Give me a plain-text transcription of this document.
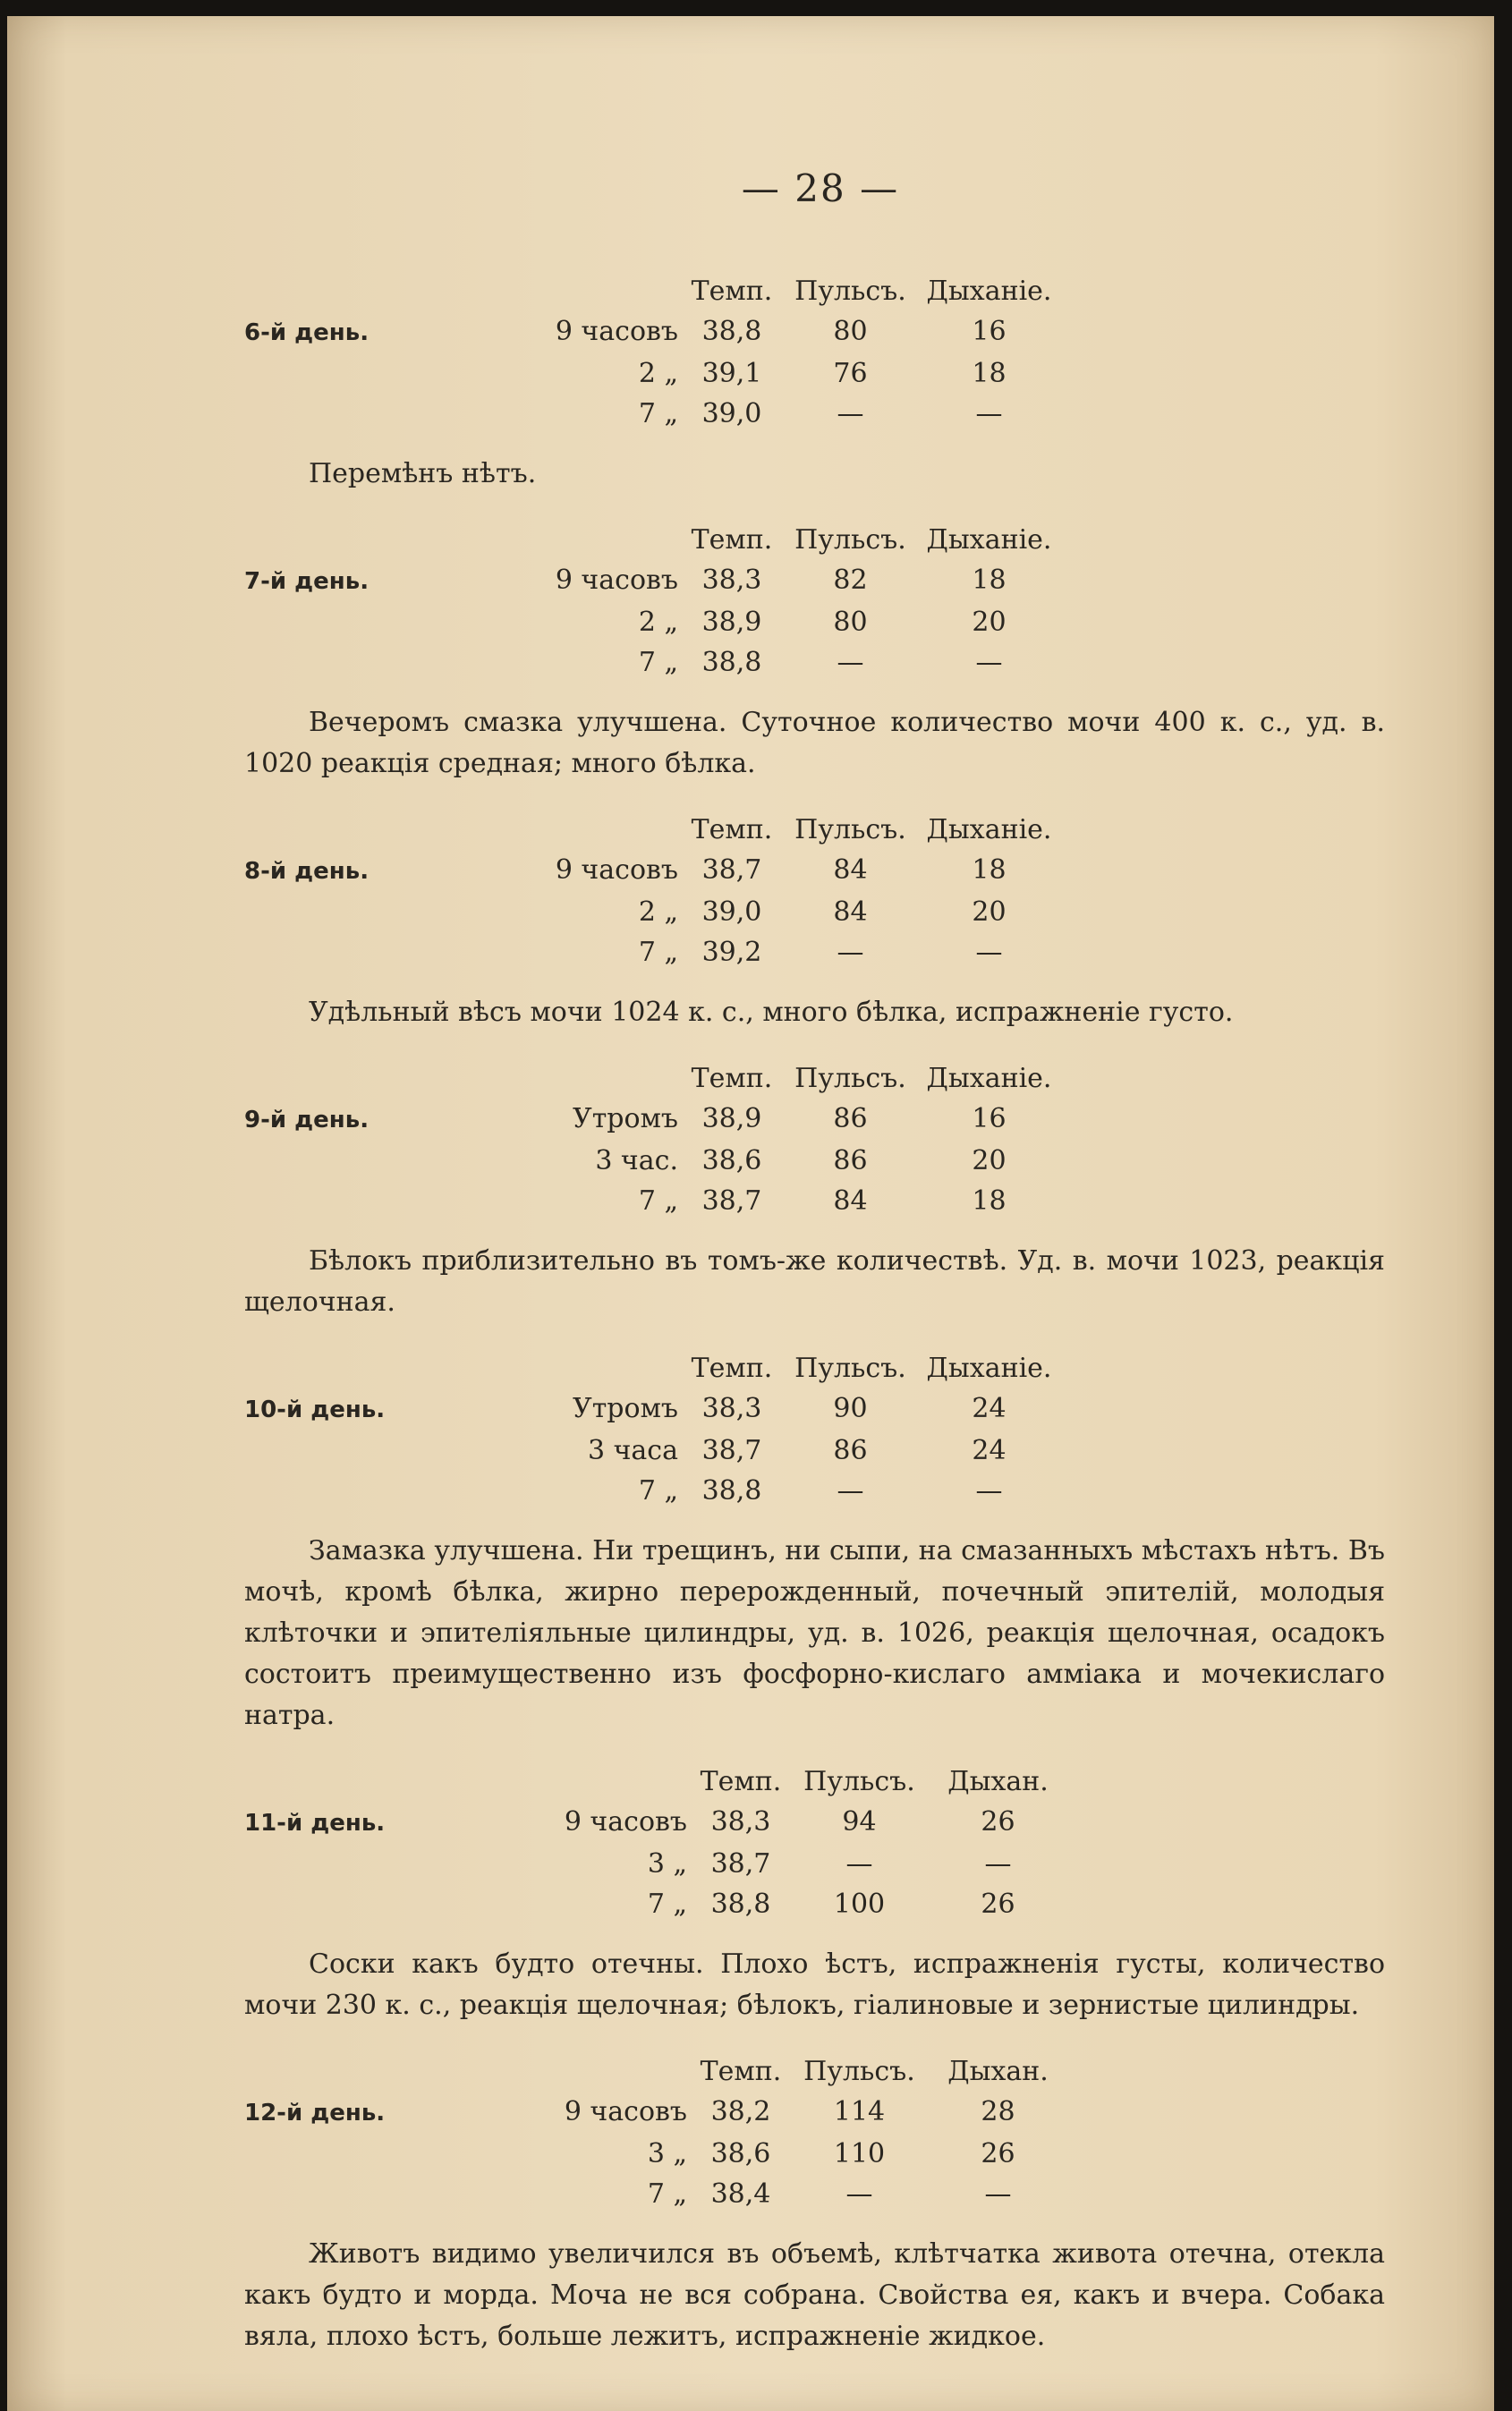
— 28 —
Темп. Пульсъ. Дыханіе.
6-й день.	9 часовъ 38,8	80	16
2 „ 39,1	76	18
7 „ 39,0	—	—

Перемѣнъ нѣтъ.

Темп. Пульсъ. Дыханіе.
7-й день.	9 часовъ 38,3	82	18
2 „ 38,9	80	20
7 „ 38,8	—	—

Вечеромъ смазка улучшена. Суточное количество мочи 400 к. с., уд. в. 1020 реакція средная; много бѣлка.

Темп. Пульсъ. Дыханіе.
8-й день.	9 часовъ 38,7	84	18
2 „ 39,0	84	20
7 „ 39,2	—	—

Удѣльный вѣсъ мочи 1024 к. с., много бѣлка, испражненіе густо.

Темп. Пульсъ. Дыханіе.
9-й день.	Утромъ 38,9	86	16
3 час. 38,6	86	20
7 „ 38,7	84	18

Бѣлокъ приблизительно въ томъ-же количествѣ. Уд. в. мочи 1023, реакція щелочная.

Темп. Пульсъ. Дыханіе.
10-й день.	Утромъ 38,3	90	24
3 часа 38,7	86	24
7 „ 38,8	—	—

Замазка улучшена. Ни трещинъ, ни сыпи, на смазанныхъ мѣстахъ нѣтъ. Въ мочѣ, кромѣ бѣлка, жирно перерожденный, почечный эпителій, молодыя клѣточки и эпителіяльные цилиндры, уд. в. 1026, реакція щелочная, осадокъ состоитъ преимущественно изъ фосфорно-кислаго амміака и мочекислаго натра.

Темп. Пульсъ.	Дыхан.
11-й день.	9 часовъ 38,3	94	26
3 „ 38,7	—	—
7 „ 38,8	100	26

Соски какъ будто отечны. Плохо ѣстъ, испражненія густы, количество мочи 230 к. с., реакція щелочная; бѣлокъ, гіалиновые и зернистые цилиндры.

Темп. Пульсъ.	Дыхан.
12-й день.	9 часовъ 38,2	114	28
3 „ 38,6	110	26
7 „ 38,4	—	—

Животъ видимо увеличился въ объемѣ, клѣтчатка живота отечна, отекла какъ будто и морда. Моча не вся собрана. Свойства ея, какъ и вчера. Собака вяла, плохо ѣстъ, больше лежитъ, испражненіе жидкое.
